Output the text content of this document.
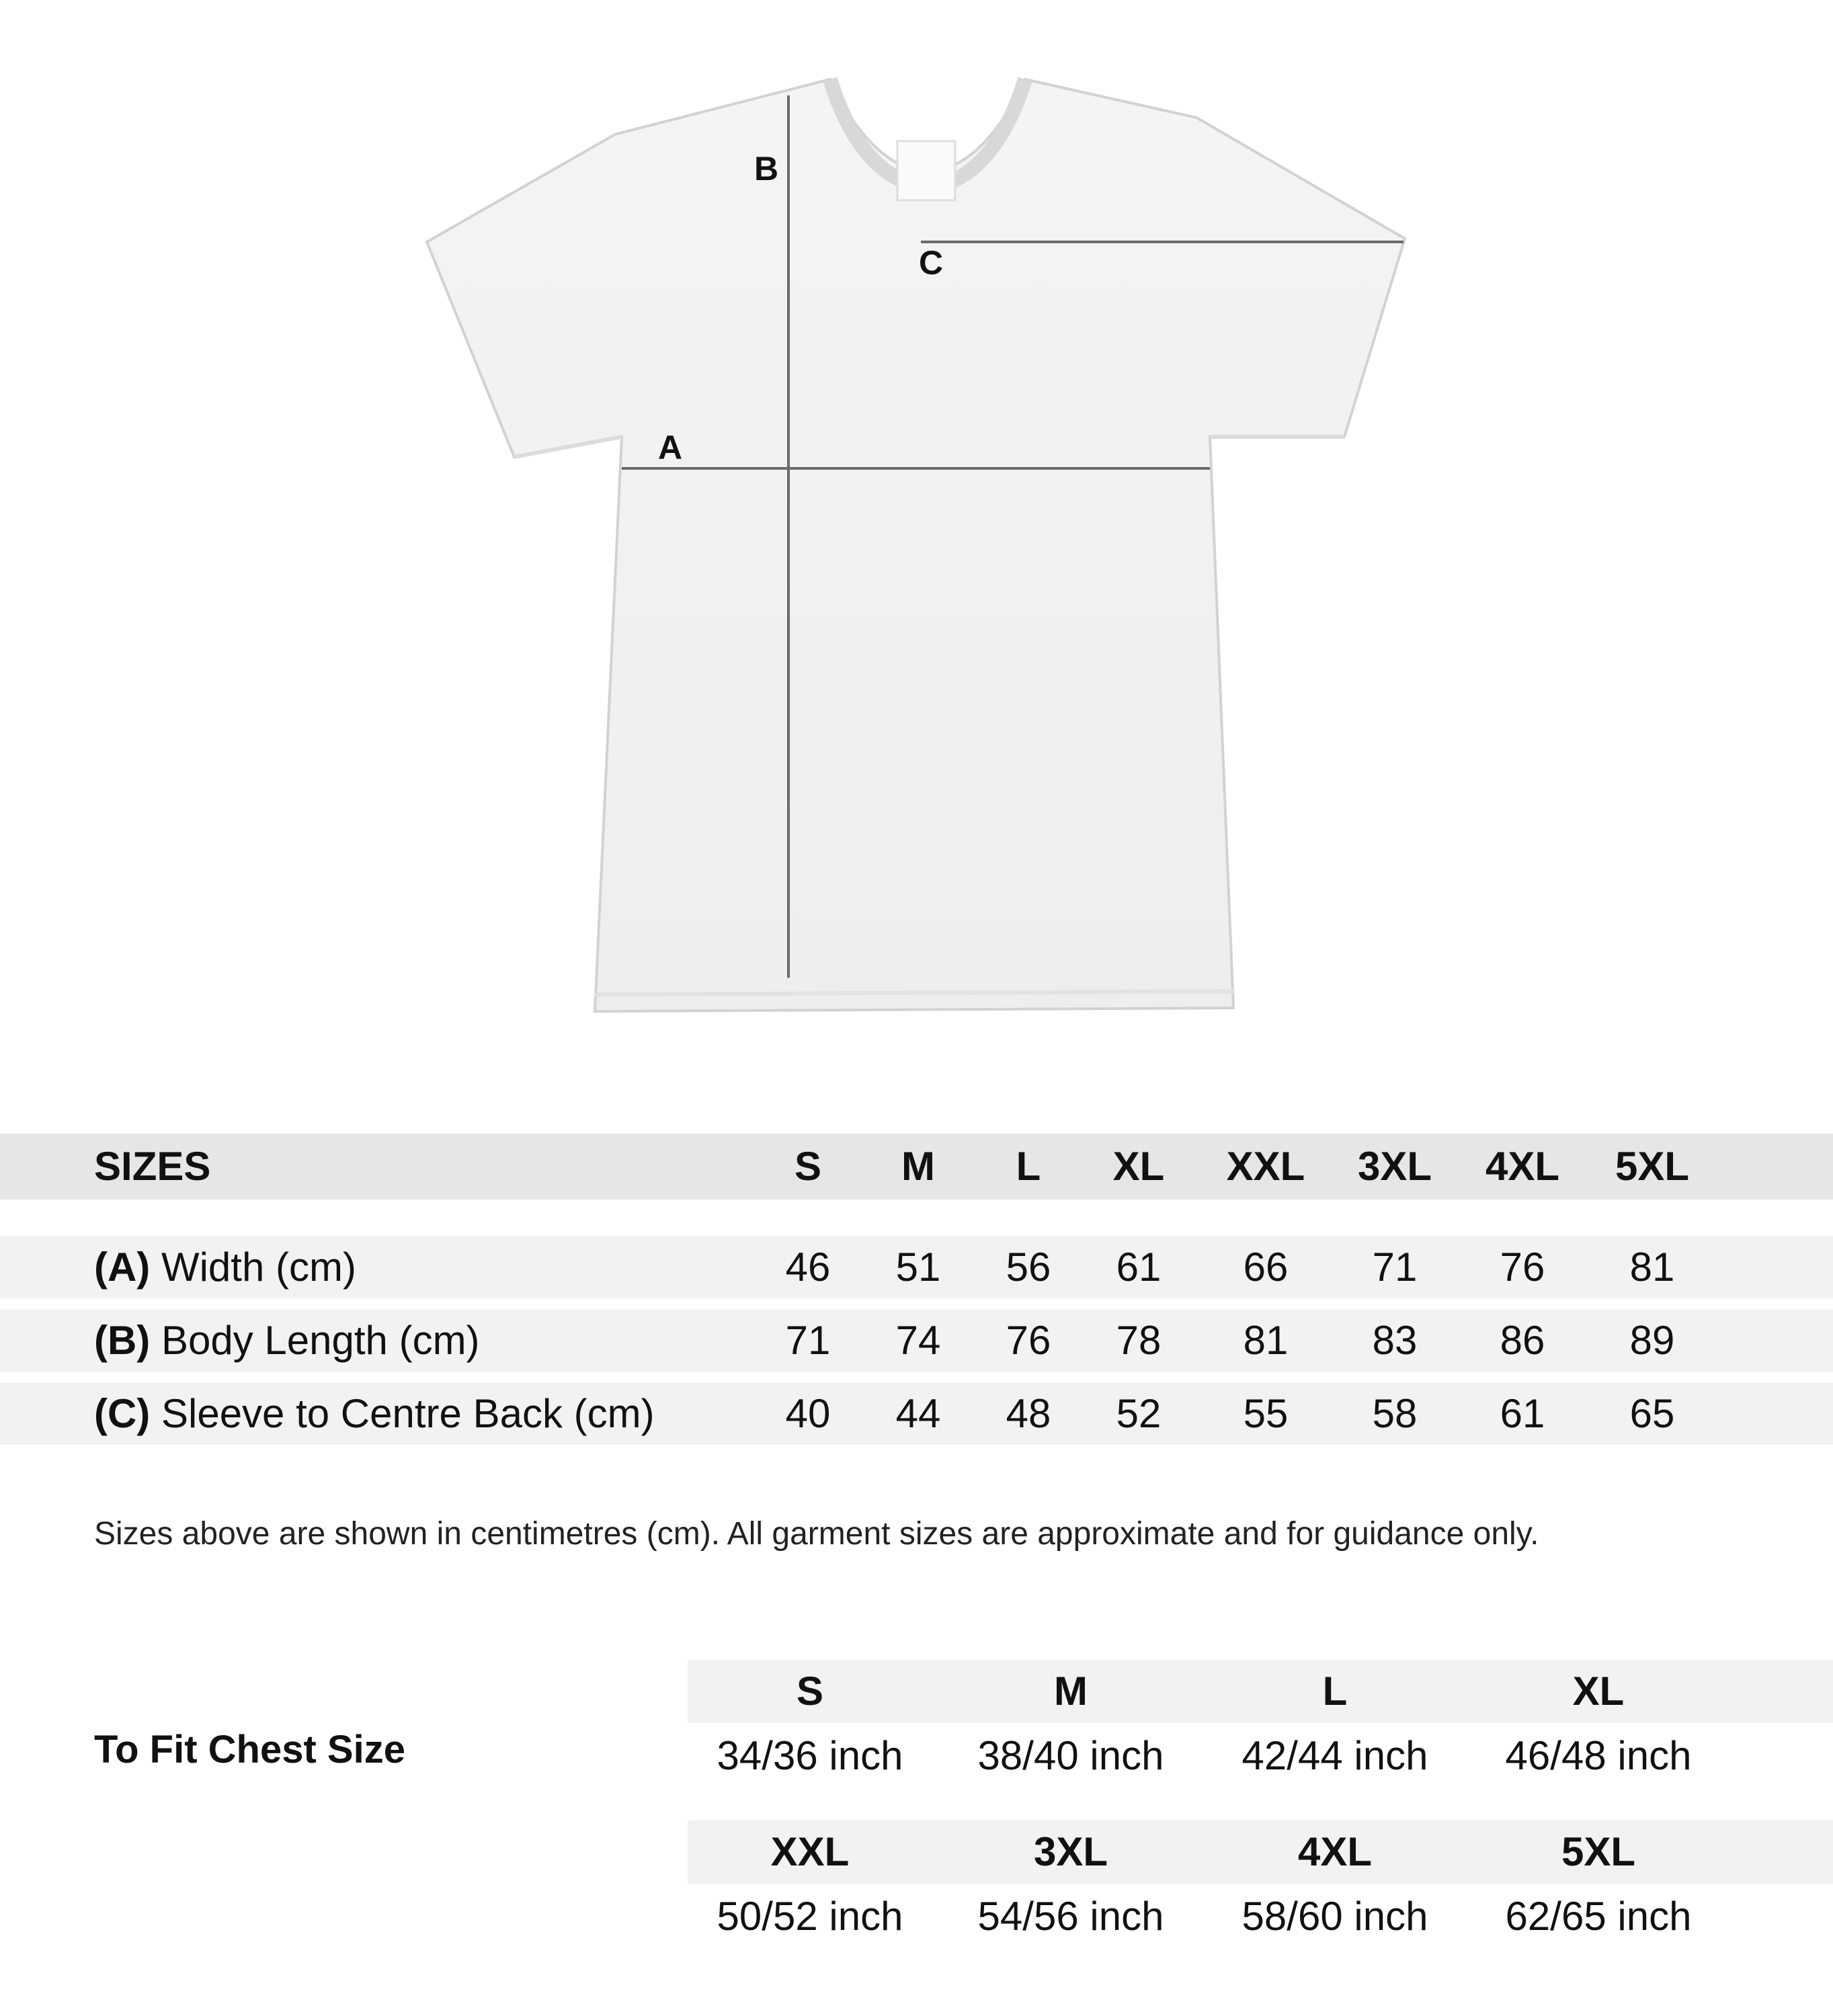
B
C
A
SIZES	S	M	L	XL	XXL	3XL	4XL	5XL
(A) Width (cm)	46	51	56	61	66	71	76	81
(B) Body Length (cm)	71	74	76	78	81	83	86	89
(C) Sleeve to Centre Back (cm)	40	44	48	52	55	58	61	65
Sizes above are shown in centimetres (cm). All garment sizes are approximate and for guidance only.
To Fit Chest Size
S	M	L	XL
34/36 inch	38/40 inch	42/44 inch	46/48 inch
XXL	3XL	4XL	5XL
50/52 inch	54/56 inch	58/60 inch	62/65 inch
